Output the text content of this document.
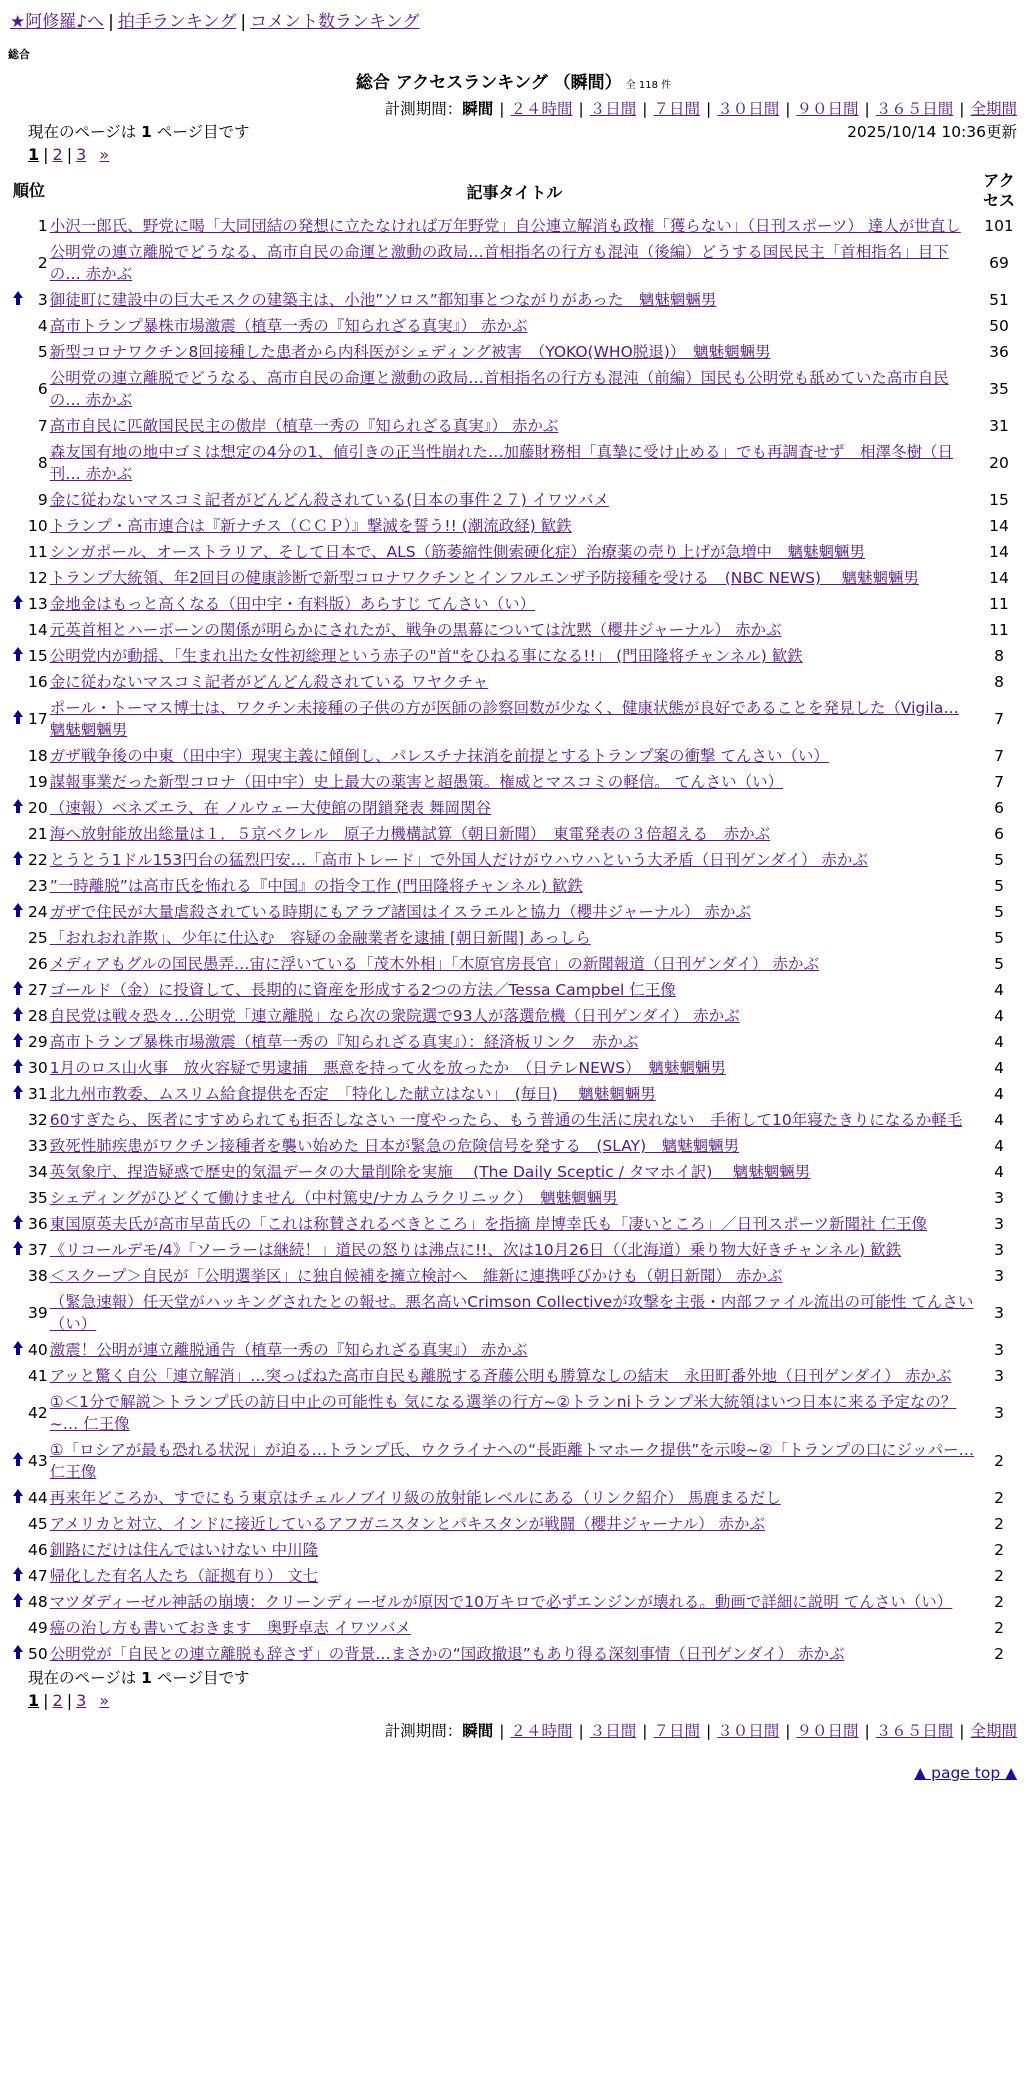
★阿修羅♪へ | 拍手ランキング | コメント数ランキング
総合
総合 アクセスランキング （瞬間） 全 118 件
計測期間：瞬間 | ２４時間 | ３日間 | ７日間 | ３０日間 | ９０日間 | ３６５日間 | 全期間
現在のページは 1 ページ目です	2025/10/14 10:36更新
1 | 2 | 3 »
順位		記事タイトル	アクセス
	1	小沢一郎氏、野党に喝「大同団結の発想に立たなければ万年野党」自公連立解消も政権「獲らない」（日刊スポーツ） 達人が世直し	101
	2	公明党の連立離脱でどうなる、高市自民の命運と激動の政局…首相指名の行方も混沌（後編）どうする国民民主「首相指名」目下の… 赤かぶ	69
	3	御徒町に建設中の巨大モスクの建築主は、小池”ソロス”都知事とつながりがあった　魑魅魍魎男	51
	4	高市トランプ暴株市場激震（植草一秀の『知られざる真実』） 赤かぶ	50
	5	新型コロナワクチン8回接種した患者から内科医がシェディング被害　（YOKO(WHO脱退)）　魑魅魍魎男	36
	6	公明党の連立離脱でどうなる、高市自民の命運と激動の政局…首相指名の行方も混沌（前編）国民も公明党も舐めていた高市自民の… 赤かぶ	35
	7	高市自民に匹敵国民民主の傲岸（植草一秀の『知られざる真実』） 赤かぶ	31
	8	森友国有地の地中ゴミは想定の4分の1、値引きの正当性崩れた…加藤財務相「真摯に受け止める」でも再調査せず　相澤冬樹（日刊… 赤かぶ	20
	9	金に従わないマスコミ記者がどんどん殺されている(日本の事件２７) イワツバメ	15
	10	トランプ・高市連合は『新ナチス（ＣＣＰ）』撃滅を誓う!! (潮流政経) 歓鉄	14
	11	シンガポール、オーストラリア、そして日本で、ALS（筋萎縮性側索硬化症）治療薬の売り上げが急増中　魑魅魍魎男	14
	12	トランプ大統領、年2回目の健康診断で新型コロナワクチンとインフルエンザ予防接種を受ける　(NBC NEWS)　 魑魅魍魎男	14
	13	金地金はもっと高くなる（田中宇・有料版）あらすじ てんさい（い）	11
	14	元英首相とハーボーンの関係が明らかにされたが、戦争の黒幕については沈黙（櫻井ジャーナル） 赤かぶ	11
	15	公明党内が動揺、「生まれ出た女性初総理という赤子の"首"をひねる事になる!!」 (門田隆将チャンネル) 歓鉄	8
	16	金に従わないマスコミ記者がどんどん殺されている ワヤクチャ	8
	17	ポール・トーマス博士は、ワクチン未接種の子供の方が医師の診察回数が少なく、健康状態が良好であることを発見した（Vigila… 魑魅魍魎男	7
	18	ガザ戦争後の中東（田中宇）現実主義に傾倒し、パレスチナ抹消を前提とするトランプ案の衝撃 てんさい（い）	7
	19	謀報事業だった新型コロナ（田中宇）史上最大の薬害と超愚策。権威とマスコミの軽信。 てんさい（い）	7
	20	（速報）ベネズエラ、在 ノルウェー大使館の閉鎖発表 舞岡関谷	6
	21	海へ放射能放出総量は１．５京ベクレル　原子力機構試算（朝日新聞）　東電発表の３倍超える　赤かぶ	6
	22	とうとう1ドル153円台の猛烈円安…「高市トレード」で外国人だけがウハウハという大矛盾（日刊ゲンダイ） 赤かぶ	5
	23	”一時離脱”は高市氏を怖れる『中国』の指令工作 (門田隆将チャンネル) 歓鉄	5
	24	ガザで住民が大量虐殺されている時期にもアラブ諸国はイスラエルと協力（櫻井ジャーナル） 赤かぶ	5
	25	「おれおれ詐欺」、少年に仕込む　容疑の金融業者を逮捕 [朝日新聞] あっしら	5
	26	メディアもグルの国民愚弄…宙に浮いている「茂木外相」「木原官房長官」の新聞報道（日刊ゲンダイ） 赤かぶ	5
	27	ゴールド（金）に投資して、長期的に資産を形成する2つの方法／Tessa Campbel 仁王像	4
	28	自民党は戦々恐々…公明党「連立離脱」なら次の衆院選で93人が落選危機（日刊ゲンダイ） 赤かぶ	4
	29	高市トランプ暴株市場激震（植草一秀の『知られざる真実』）：経済板リンク　赤かぶ	4
	30	1月のロス山火事　放火容疑で男逮捕　悪意を持って火を放ったか　（日テレNEWS）　魑魅魍魎男	4
	31	北九州市教委、ムスリム給食提供を否定　「特化した献立はない」　(毎日)　 魑魅魍魎男	4
	32	60すぎたら、医者にすすめられても拒否しなさい 一度やったら、もう普通の生活に戻れない　手術して10年寝たきりになるか軽毛	4
	33	致死性肺疾患がワクチン接種者を襲い始めた 日本が緊急の危険信号を発する　(SLAY)　魑魅魍魎男	4
	34	英気象庁、捏造疑惑で歴史的気温データの大量削除を実施　 (The Daily Sceptic / タマホイ訳)　 魑魅魍魎男	4
	35	シェディングがひどくて働けません（中村篤史/ナカムラクリニック）　魑魅魍魎男	3
	36	東国原英夫氏が高市早苗氏の「これは称賛されるべきところ」を指摘 岸博幸氏も「凄いところ」／日刊スポーツ新聞社 仁王像	3
	37	《リコールデモ/4》「ソーラーは継続！」道民の怒りは沸点に!!、次は10月26日（（北海道）乗り物大好きチャンネル) 歓鉄	3
	38	＜スクープ＞自民が「公明選挙区」に独自候補を擁立検討へ　維新に連携呼びかけも（朝日新聞） 赤かぶ	3
	39	（緊急速報）任天堂がハッキングされたとの報せ。悪名高いCrimson Collectiveが攻撃を主張・内部ファイル流出の可能性 てんさい（い）	3
	40	激震！公明が連立離脱通告（植草一秀の『知られざる真実』） 赤かぶ	3
	41	アッと驚く自公「連立解消」…突っぱねた高市自民も離脱する斉藤公明も勝算なしの結末　永田町番外地（日刊ゲンダイ） 赤かぶ	3
	42	①＜1分で解説＞トランプ氏の訪日中止の可能性も 気になる選挙の行方~②トランniトランプ米大統領はいつ日本に来る予定なの？~… 仁王像	3
	43	①「ロシアが最も恐れる状況」が迫る…トランプ氏、ウクライナへの“長距離トマホーク提供”を示唆~②「トランプの口にジッパー… 仁王像	2
	44	再来年どころか、すでにもう東京はチェルノブイリ級の放射能レベルにある（リンク紹介） 馬鹿まるだし	2
	45	アメリカと対立、インドに接近しているアフガニスタンとパキスタンが戦闘（櫻井ジャーナル） 赤かぶ	2
	46	釧路にだけは住んではいけない 中川隆	2
	47	帰化した有名人たち（証拠有り） 文七	2
	48	マツダディーゼル神話の崩壊：クリーンディーゼルが原因で10万キロで必ずエンジンが壊れる。動画で詳細に説明 てんさい（い）	2
	49	癌の治し方も書いておきます　奥野卓志 イワツバメ	2
	50	公明党が「自民との連立離脱も辞さず」の背景…まさかの“国政撤退”もあり得る深刻事情（日刊ゲンダイ） 赤かぶ	2
現在のページは 1 ページ目です
1 | 2 | 3 »
計測期間：瞬間 | ２４時間 | ３日間 | ７日間 | ３０日間 | ９０日間 | ３６５日間 | 全期間
▲ page top ▲
